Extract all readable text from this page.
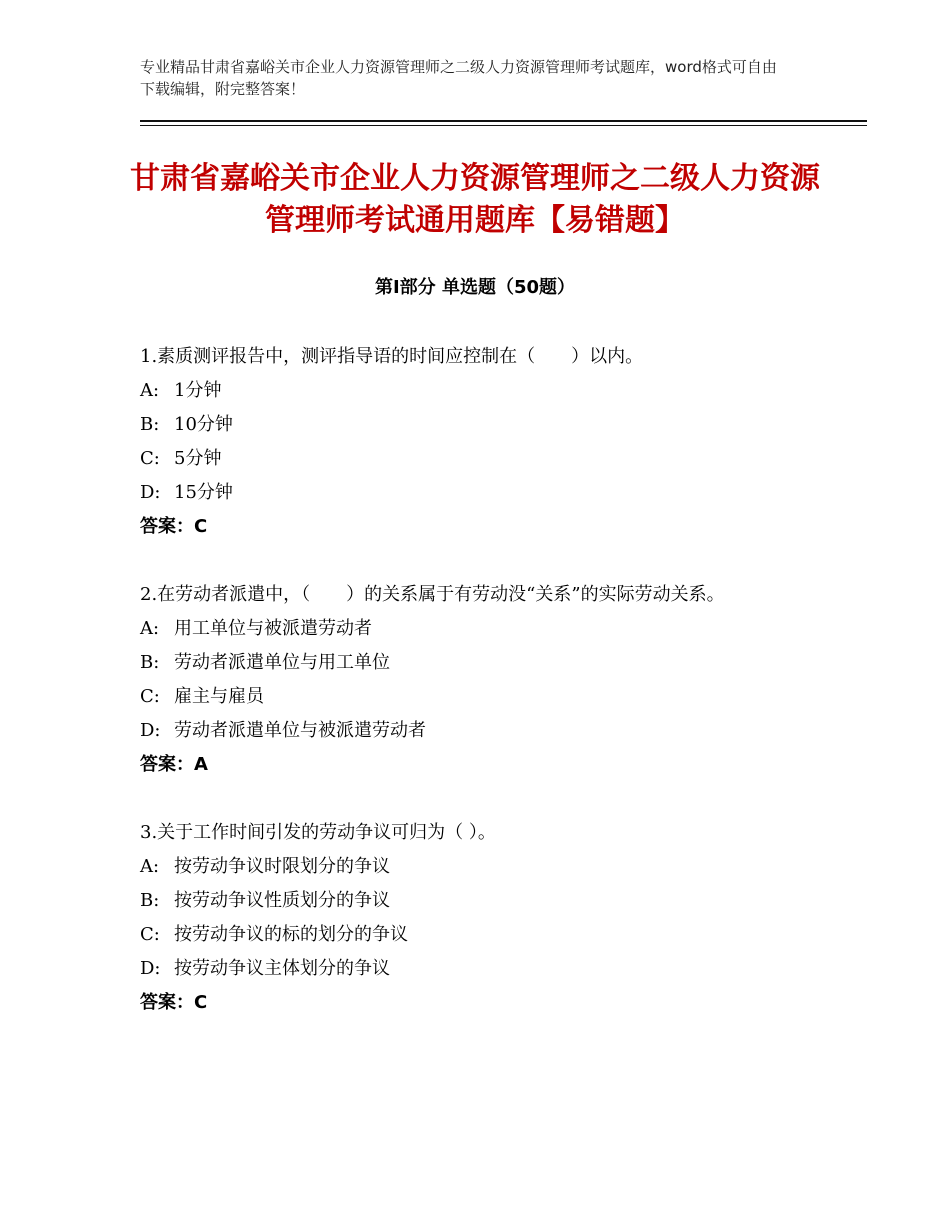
专业精品甘肃省嘉峪关市企业人力资源管理师之二级人力资源管理师考试题库，word格式可自由下载编辑，附完整答案！
甘肃省嘉峪关市企业人力资源管理师之二级人力资源管理师考试通用题库【易错题】
第Ⅰ部分 单选题（50题）

1.素质测评报告中，测评指导语的时间应控制在（　　）以内。

A: 1分钟

B: 10分钟

C: 5分钟

D: 15分钟

答案：C

2.在劳动者派遣中，（　　）的关系属于有劳动没“关系”的实际劳动关系。

A: 用工单位与被派遣劳动者

B: 劳动者派遣单位与用工单位

C: 雇主与雇员

D: 劳动者派遣单位与被派遣劳动者

答案：A

3.关于工作时间引发的劳动争议可归为（ ）。

A: 按劳动争议时限划分的争议

B: 按劳动争议性质划分的争议

C: 按劳动争议的标的划分的争议

D: 按劳动争议主体划分的争议

答案：C
